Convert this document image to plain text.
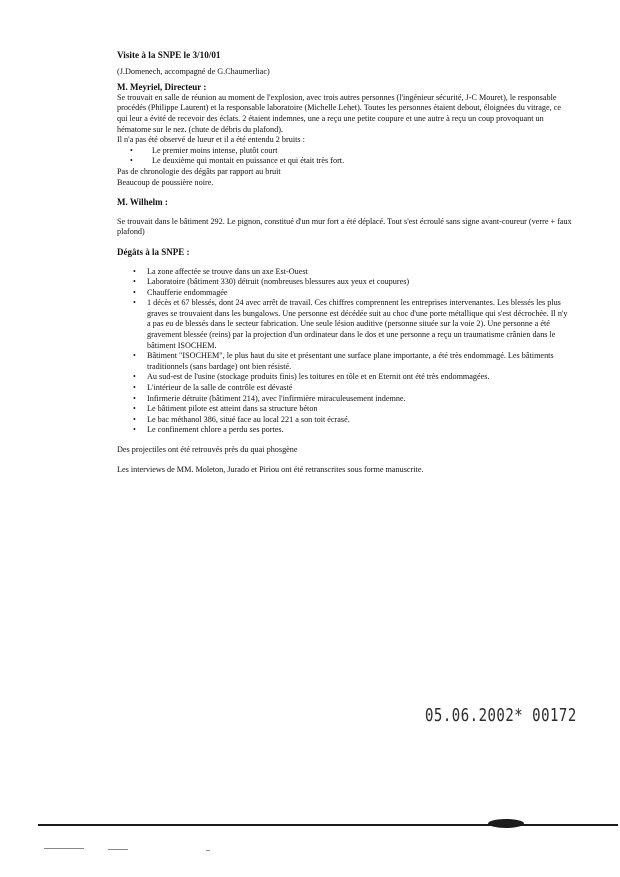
Visite à la SNPE le 3/10/01

(J.Domenech, accompagné de G.Chaumerliac)

M. Meyriel, Directeur :

Se trouvait en salle de réunion au moment de l'explosion, avec trois autres personnes (l'ingénieur sécurité, J-C Mouret), le responsable procédés (Philippe Laurent) et la responsable laboratoire (Michelle Lehet). Toutes les personnes étaient debout, éloignées du vitrage, ce qui leur a évité de recevoir des éclats. 2 étaient indemnes, une a reçu une petite coupure et une autre à reçu un coup provoquant un hématome sur le nez. (chute de débris du plafond).

Il n'a pas été observé de lueur et il a été entendu 2 bruits :

• Le premier moins intense, plutôt court
• Le deuxième qui montait en puissance et qui était très fort.

Pas de chronologie des dégâts par rapport au bruit

Beaucoup de poussière noire.

M. Wilhelm :

Se trouvait dans le bâtiment 292. Le pignon, constitué d'un mur fort a été déplacé. Tout s'est écroulé sans signe avant-coureur (verre + faux plafond)

Dégâts à la SNPE :

• La zone affectée se trouve dans un axe Est-Ouest
• Laboratoire (bâtiment 330) détruit (nombreuses blessures aux yeux et coupures)
• Chaufferie endommagée
• 1 décès et 67 blessés, dont 24 avec arrêt de travail. Ces chiffres comprennent les entreprises intervenantes. Les blessés les plus graves se trouvaient dans les bungalows. Une personne est décédée suit au choc d'une porte métallique qui s'est décrochée. Il n'y a pas eu de blessés dans le secteur fabrication. Une seule lésion auditive (personne située sur la voie 2). Une personne a été gravement blessée (reins) par la projection d'un ordinateur dans le dos et une personne a reçu un traumatisme crânien dans le bâtiment ISOCHEM.
• Bâtiment "ISOCHEM", le plus haut du site et présentant une surface plane importante, a été très endommagé. Les bâtiments traditionnels (sans bardage) ont bien résisté.
• Au sud-est de l'usine (stockage produits finis) les toitures en tôle et en Eternit ont été très endommagées.
• L'intérieur de la salle de contrôle est dévasté
• Infirmerie détruite (bâtiment 214), avec l'infirmière miraculeusement indemne.
• Le bâtiment pilote est atteint dans sa structure béton
• Le bac méthanol 386, situé face au local 221 a son toit écrasé.
• Le confinement chlore a perdu ses portes.

Des projectiles ont été retrouvés près du quai phosgène

Les interviews de MM. Moleton, Jurado et Piriou ont été retranscrites sous forme manuscrite.

05.06.2002* 00172
